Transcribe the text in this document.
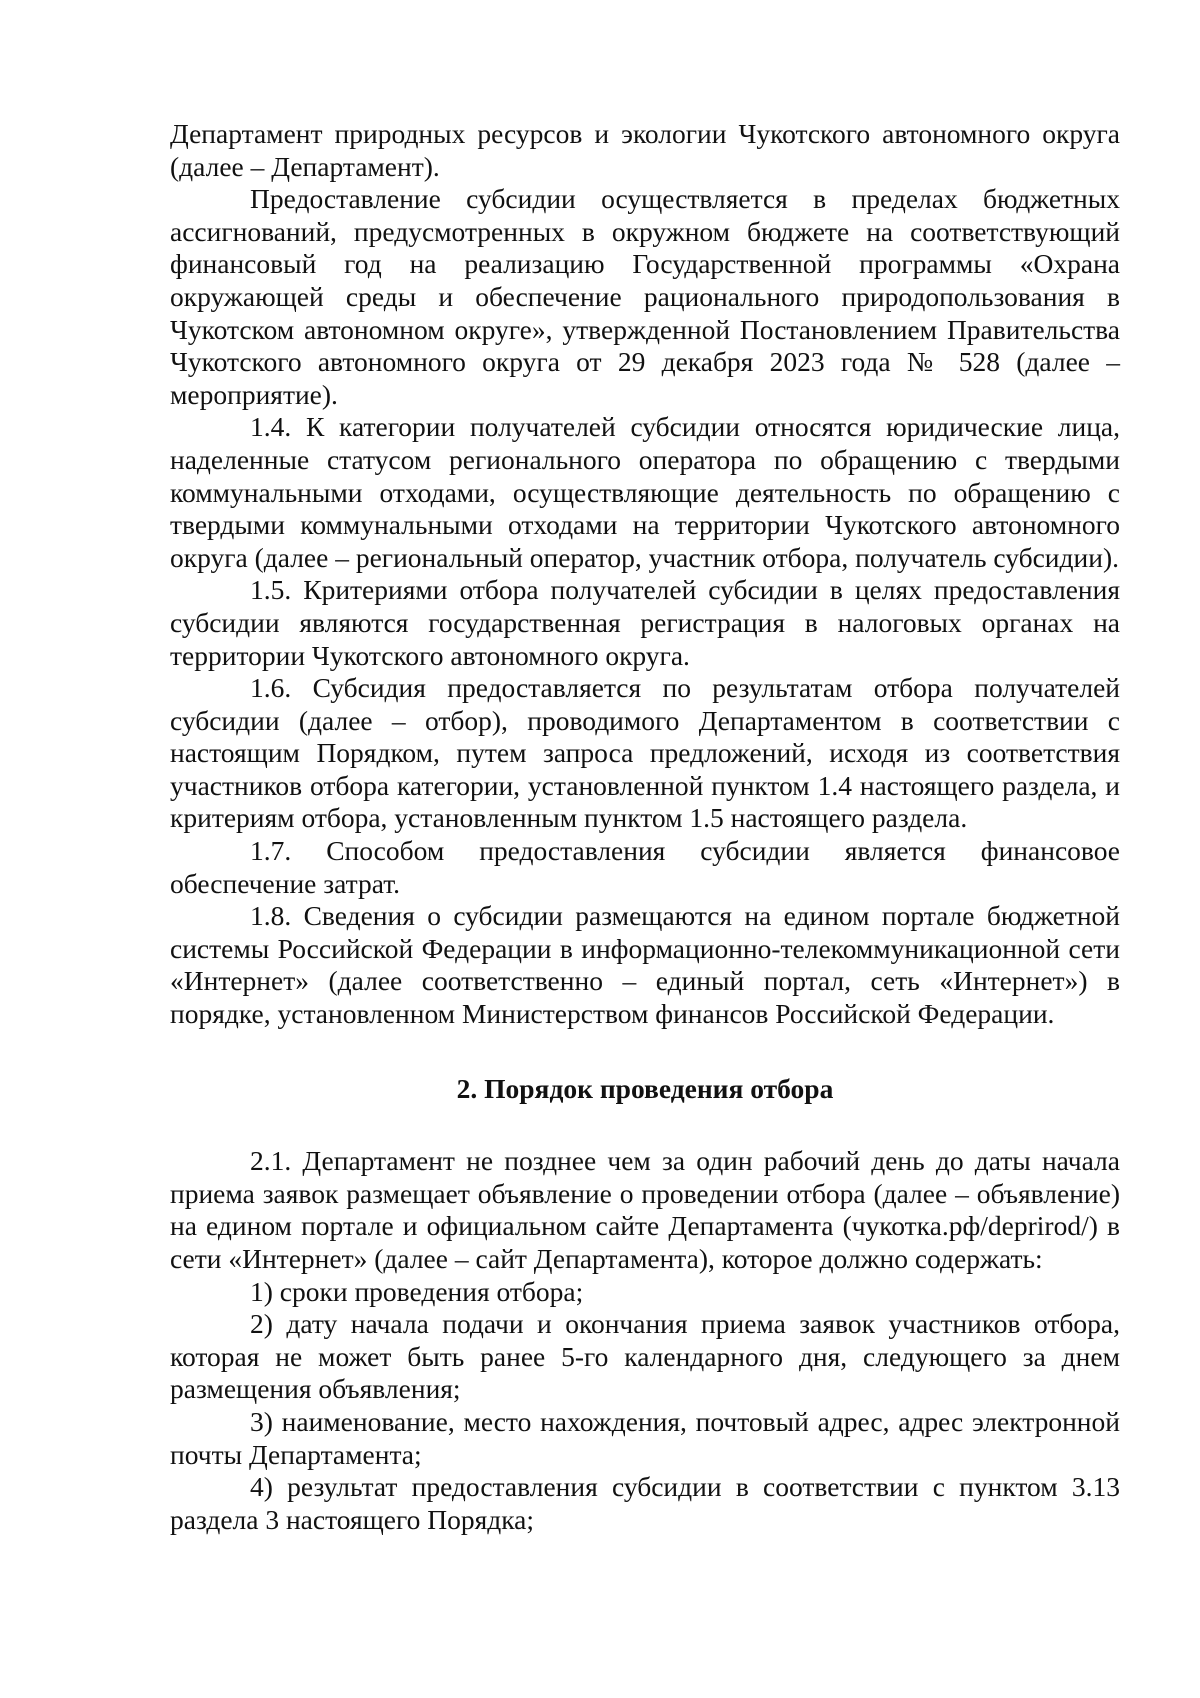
Департамент природных ресурсов и экологии Чукотского автономного округа (далее – Департамент).

Предоставление субсидии осуществляется в пределах бюджетных ассигнований, предусмотренных в окружном бюджете на соответствующий финансовый год на реализацию Государственной программы «Охрана окружающей среды и обеспечение рационального природопользования в Чукотском автономном округе», утвержденной Постановлением Правительства Чукотского автономного округа от 29 декабря 2023 года № 528 (далее – мероприятие).

1.4. К категории получателей субсидии относятся юридические лица, наделенные статусом регионального оператора по обращению с твердыми коммунальными отходами, осуществляющие деятельность по обращению с твердыми коммунальными отходами на территории Чукотского автономного округа (далее – региональный оператор, участник отбора, получатель субсидии).

1.5. Критериями отбора получателей субсидии в целях предоставления субсидии являются государственная регистрация в налоговых органах на территории Чукотского автономного округа.

1.6. Субсидия предоставляется по результатам отбора получателей субсидии (далее – отбор), проводимого Департаментом в соответствии с настоящим Порядком, путем запроса предложений, исходя из соответствия участников отбора категории, установленной пунктом 1.4 настоящего раздела, и критериям отбора, установленным пунктом 1.5 настоящего раздела.

1.7. Способом предоставления субсидии является финансовое обеспечение затрат.

1.8. Сведения о субсидии размещаются на едином портале бюджетной системы Российской Федерации в информационно-телекоммуникационной сети «Интернет» (далее соответственно – единый портал, сеть «Интернет») в порядке, установленном Министерством финансов Российской Федерации.

2. Порядок проведения отбора

2.1. Департамент не позднее чем за один рабочий день до даты начала приема заявок размещает объявление о проведении отбора (далее – объявление) на едином портале и официальном сайте Департамента (чукотка.рф/deprirod/) в сети «Интернет» (далее – сайт Департамента), которое должно содержать:

1) сроки проведения отбора;

2) дату начала подачи и окончания приема заявок участников отбора, которая не может быть ранее 5-го календарного дня, следующего за днем размещения объявления;

3) наименование, место нахождения, почтовый адрес, адрес электронной почты Департамента;

4) результат предоставления субсидии в соответствии с пунктом 3.13 раздела 3 настоящего Порядка;
